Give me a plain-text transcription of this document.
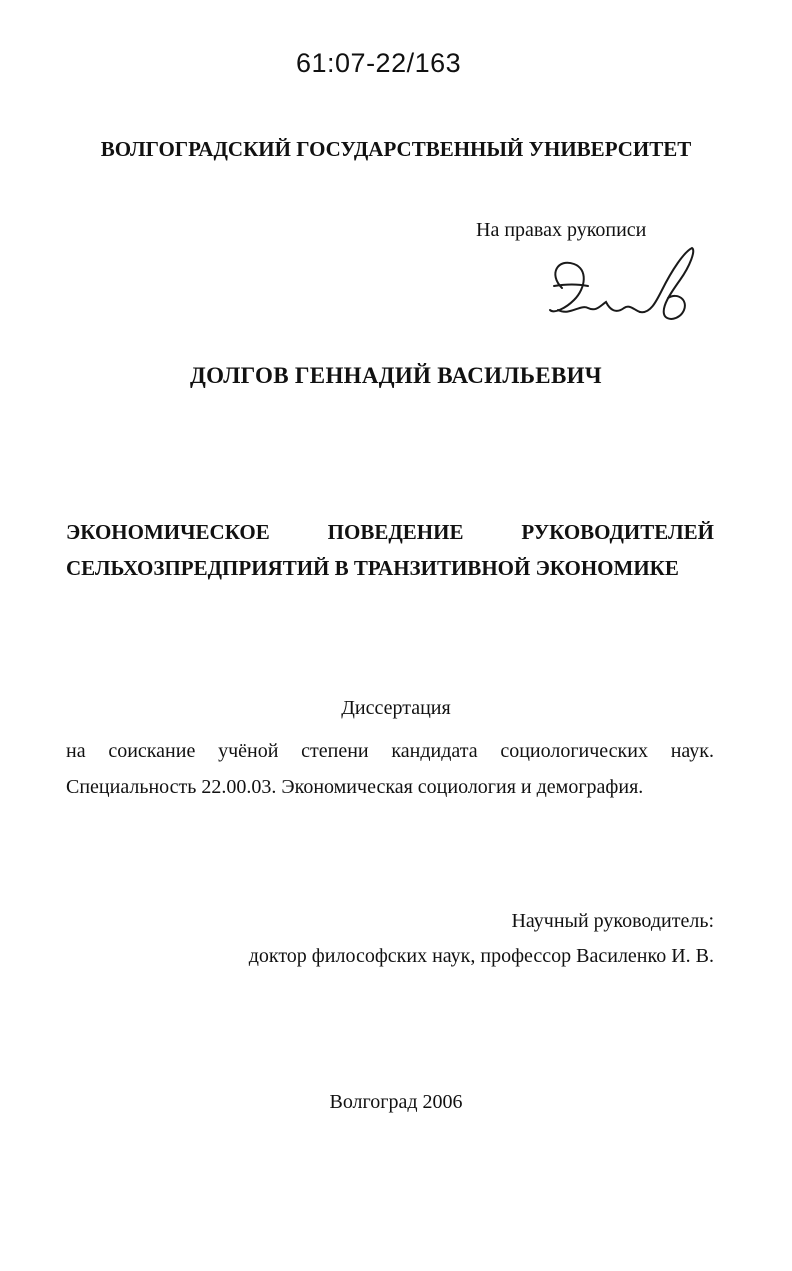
61:07-22/163
ВОЛГОГРАДСКИЙ ГОСУДАРСТВЕННЫЙ УНИВЕРСИТЕТ
На правах рукописи
ДОЛГОВ ГЕННАДИЙ ВАСИЛЬЕВИЧ
ЭКОНОМИЧЕСКОЕ	ПОВЕДЕНИЕ	РУКОВОДИТЕЛЕЙ
СЕЛЬХОЗПРЕДПРИЯТИЙ В ТРАНЗИТИВНОЙ ЭКОНОМИКЕ
Диссертация
на соискание учёной степени кандидата социологических наук.
Специальность 22.00.03. Экономическая социология и демография.
Научный руководитель:
доктор философских наук, профессор Василенко И. В.
Волгоград 2006
